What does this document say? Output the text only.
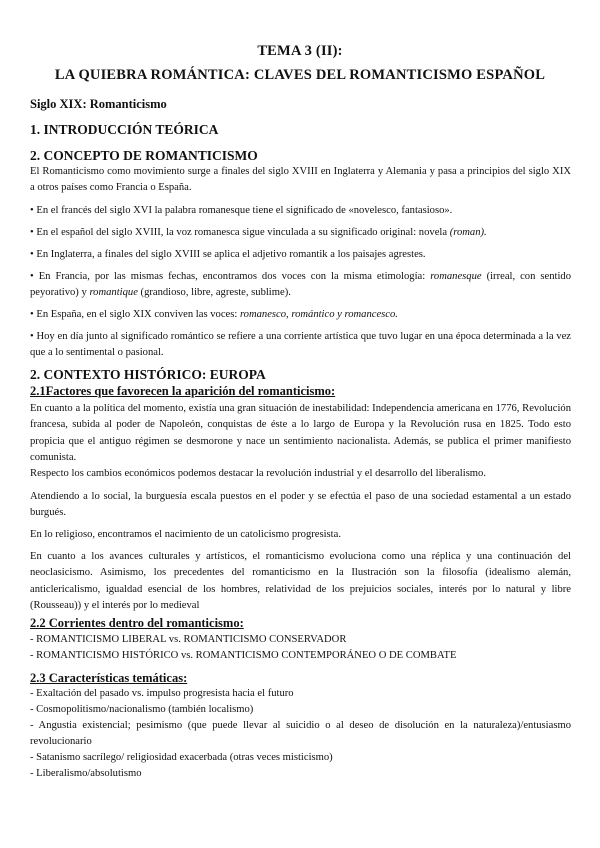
TEMA 3 (II):
LA QUIEBRA ROMÁNTICA: CLAVES DEL ROMANTICISMO ESPAÑOL
Siglo XIX: Romanticismo
1. INTRODUCCIÓN TEÓRICA
2. CONCEPTO DE ROMANTICISMO
El Romanticismo como movimiento surge a finales del siglo XVIII en Inglaterra y Alemania y pasa a principios del siglo XIX a otros países como Francia o España.
• En el francés del siglo XVI la palabra romanesque tiene el significado de «novelesco, fantasioso».
• En el español del siglo XVIII, la voz romanesca sigue vinculada a su significado original: novela (roman).
• En Inglaterra, a finales del siglo XVIII se aplica el adjetivo romantik a los paisajes agrestes.
• En Francia, por las mismas fechas, encontramos dos voces con la misma etimología: romanesque (irreal, con sentido peyorativo) y romantique (grandioso, libre, agreste, sublime).
• En España, en el siglo XIX conviven las voces: romanesco, romántico y romancesco.
• Hoy en día junto al significado romántico se refiere a una corriente artística que tuvo lugar en una época determinada a la vez que a lo sentimental o pasional.
2. CONTEXTO HISTÓRICO: EUROPA
2.1Factores que favorecen la aparición del romanticismo:
En cuanto a la política del momento, existía una gran situación de inestabilidad: Independencia americana en 1776, Revolución francesa, subida al poder de Napoleón, conquistas de éste a lo largo de Europa y la Revolución rusa en 1825. Todo esto propicia que el antiguo régimen se desmorone y nace un sentimiento nacionalista. Además, se publica el primer manifiesto comunista.
Respecto los cambios económicos podemos destacar la revolución industrial y el desarrollo del liberalismo.
Atendiendo a lo social, la burguesía escala puestos en el poder y se efectúa el paso de una sociedad estamental a un estado burgués.
En lo religioso, encontramos el nacimiento de un catolicismo progresista.
En cuanto a los avances culturales y artísticos, el romanticismo evoluciona como una réplica y una continuación del neoclasicismo. Asimismo, los precedentes del romanticismo en la Ilustración son la filosofía (idealismo alemán, anticlericalismo, igualdad esencial de los hombres, relatividad de los prejuicios sociales, interés por lo natural y libre (Rousseau)) y el interés por lo medieval
2.2 Corrientes dentro del romanticismo:
- ROMANTICISMO LIBERAL vs. ROMANTICISMO CONSERVADOR
- ROMANTICISMO HISTÓRICO vs. ROMANTICISMO CONTEMPORÁNEO O DE COMBATE
2.3 Características temáticas:
- Exaltación del pasado vs. impulso progresista hacia el futuro
- Cosmopolitismo/nacionalismo (también localismo)
- Angustia existencial; pesimismo (que puede llevar al suicidio o al deseo de disolución en la naturaleza)/entusiasmo revolucionario
- Satanismo sacrílego/ religiosidad exacerbada (otras veces misticismo)
- Liberalismo/absolutismo
